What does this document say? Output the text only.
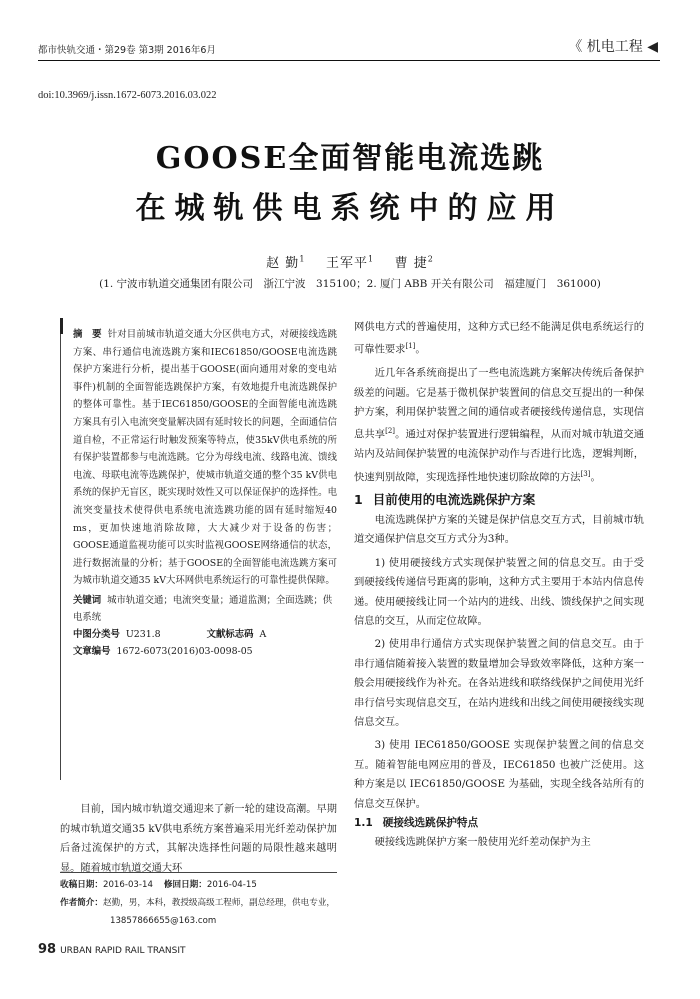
都市快轨交通・第29卷 第3期 2016年6月	《 机电工程 ◀
doi:10.3969/j.issn.1672-6073.2016.03.022
GOOSE全面智能电流选跳
在城轨供电系统中的应用
赵 勤$^1$ 王军平$^1$ 曹 捷$^2$
(1. 宁波市轨道交通集团有限公司　浙江宁波　315100；2. 厦门 ABB 开关有限公司　福建厦门　361000)
摘　要 针对目前城市轨道交通大分区供电方式，对硬接线选跳方案、串行通信电流选跳方案和IEC61850/GOOSE电流选跳保护方案进行分析，提出基于GOOSE(面向通用对象的变电站事件)机制的全面智能选跳保护方案，有效地提升电流选跳保护的整体可靠性。基于IEC61850/GOOSE的全面智能电流选跳方案具有引入电流突变量解决固有延时较长的问题，全面通信信道自检，不正常运行时触发预案等特点，使35kV供电系统的所有保护装置都参与电流选跳。它分为母线电流、线路电流、馈线电流、母联电流等选跳保护，使城市轨道交通的整个35 kV供电系统的保护无盲区，既实现时效性又可以保证保护的选择性。电流突变量技术使得供电系统电流选跳功能的固有延时缩短40 ms，更加快速地消除故障，大大减少对于设备的伤害；GOOSE通道监视功能可以实时监视GOOSE网络通信的状态，进行数据流量的分析；基于GOOSE的全面智能电流选跳方案可为城市轨道交通35 kV大环网供电系统运行的可靠性提供保障。
关键词 城市轨道交通；电流突变量；通道监测；全面选跳；供电系统
中图分类号 U231.8	文献标志码 A
文章编号 1672-6073(2016)03-0098-05

目前，国内城市轨道交通迎来了新一轮的建设高潮。早期的城市轨道交通35 kV供电系统方案普遍采用光纤差动保护加后备过流保护的方式，其解决选择性问题的局限性越来越明显。随着城市轨道交通大环

收稿日期：2016-03-14 修回日期：2016-04-15
作者简介：赵勤，男，本科，教授级高级工程师，副总经理，供电专业，
13857866655@163.com
98 URBAN RAPID RAIL TRANSIT

网供电方式的普遍使用，这种方式已经不能满足供电系统运行的可靠性要求[1]。

近几年各系统商提出了一些电流选跳方案解决传统后备保护级差的问题。它是基于微机保护装置间的信息交互提出的一种保护方案，利用保护装置之间的通信或者硬接线传递信息，实现信息共享[2]。通过对保护装置进行逻辑编程，从而对城市轨道交通站内及站间保护装置的电流保护动作与否进行比选，逻辑判断，快速判别故障，实现选择性地快速切除故障的方法[3]。

1 目前使用的电流选跳保护方案

电流选跳保护方案的关键是保护信息交互方式，目前城市轨道交通保护信息交互方式分为3种。

1) 使用硬接线方式实现保护装置之间的信息交互。由于受到硬接线传递信号距离的影响，这种方式主要用于本站内信息传递。使用硬接线让同一个站内的进线、出线、馈线保护之间实现信息的交互，从而定位故障。

2) 使用串行通信方式实现保护装置之间的信息交互。由于串行通信随着接入装置的数量增加会导致效率降低，这种方案一般会用硬接线作为补充。在各站进线和联络线保护之间使用光纤串行信号实现信息交互，在站内进线和出线之间使用硬接线实现信息交互。

3) 使用 IEC61850/GOOSE 实现保护装置之间的信息交互。随着智能电网应用的普及，IEC61850 也被广泛使用。这种方案是以 IEC61850/GOOSE 为基础，实现全线各站所有的信息交互保护。

1.1 硬接线选跳保护特点

硬接线选跳保护方案一般使用光纤差动保护为主
